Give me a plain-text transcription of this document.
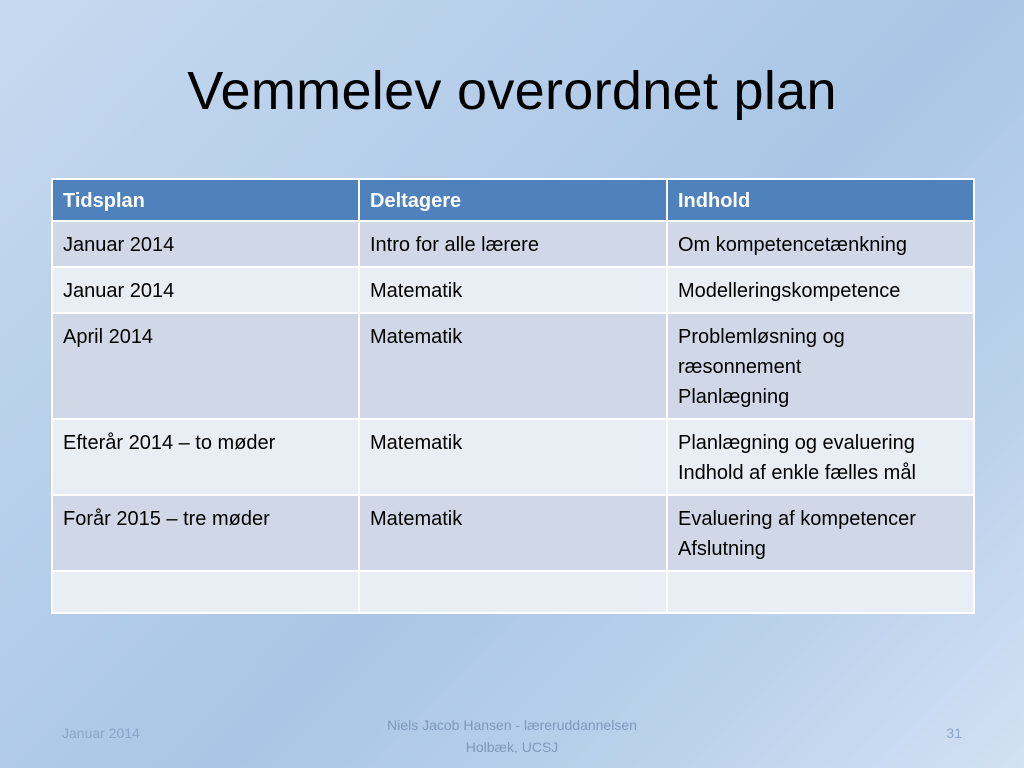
Vemmelev overordnet plan
Tidsplan	Deltagere	Indhold
Januar 2014	Intro for alle lærere	Om kompetencetænkning

Januar 2014	Matematik	Modelleringskompetence

April 2014	Matematik	Problemløsning og ræsonnement
Planlægning

Efterår 2014 – to møder	Matematik	Planlægning og evaluering
Indhold af enkle fælles mål

Forår 2015 – tre møder	Matematik	Evaluering af kompetencer
Afslutning

Januar 2014	Niels Jacob Hansen - læreruddannelsen
Holbæk, UCSJ
31
